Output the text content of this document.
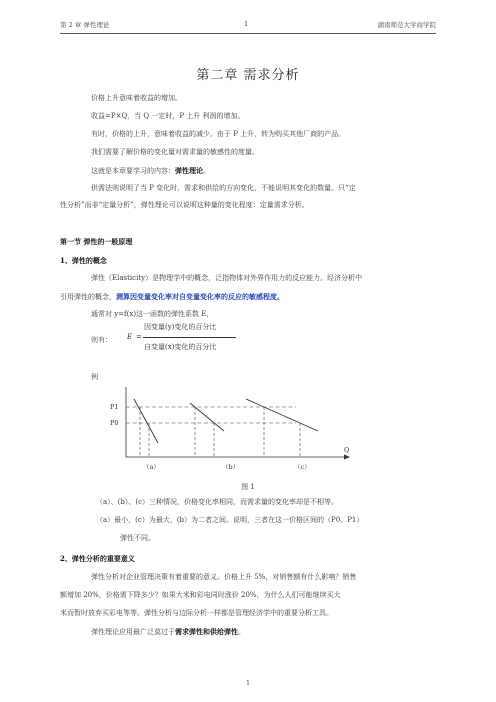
第 2 章 弹性理论	1	湖南师范大学商学院
第二章 需求分析
价格上升意味着收益的增加。
收益=P×Q，当 Q 一定时，P 上升 利润的增加。
有时，价格的上升，意味着收益的减少。由于 P 上升，转为购买其他厂商的产品。
我们需要了解价格的变化量对需求量的敏感性的度量。
这就是本章要学习的内容：弹性理论。
供需法则说明了当 P 变化时，需求和供给的方向变化，不能说明其变化的数量。只“定
性分析”而非“定量分析”，弹性理论可以说明这种量的变化程度：定量需求分析。
第一节 弹性的一般原理
1、弹性的概念
弹性（Elasticity）是物理学中的概念，泛指物体对外界作用力的反应能力。经济分析中
引用弹性的概念，测算因变量变化率对自变量变化率的反应的敏感程度。
通常对 y=f(x)这一函数的弹性系数 E，
则有：	E =
因变量(y)变化的百分比
自变量(x)变化的百分比
例
P1
P0
Q
（a）	（b）	（c）
图 1
（a）、(b）、(c）三种情况，价格变化率相同，而需求量的变化率却是不相等。
（a）最小，(c）为最大，(b）为二者之间。说明，三者在这一价格区间的（P0、P1）
弹性不同。
2、弹性分析的重要意义
弹性分析对企业管理决策有着重要的意义。价格上升 5%，对销售额有什么影响？销售
额增加 20%，价格需下降多少？如果大米和彩电同时涨价 20%，为什么人们可能继续买大
米而暂时放弃买彩电等等。弹性分析与边际分析一样都是管理经济学中的重要分析工具。
弹性理论应用最广泛莫过于需求弹性和供给弹性。
1
